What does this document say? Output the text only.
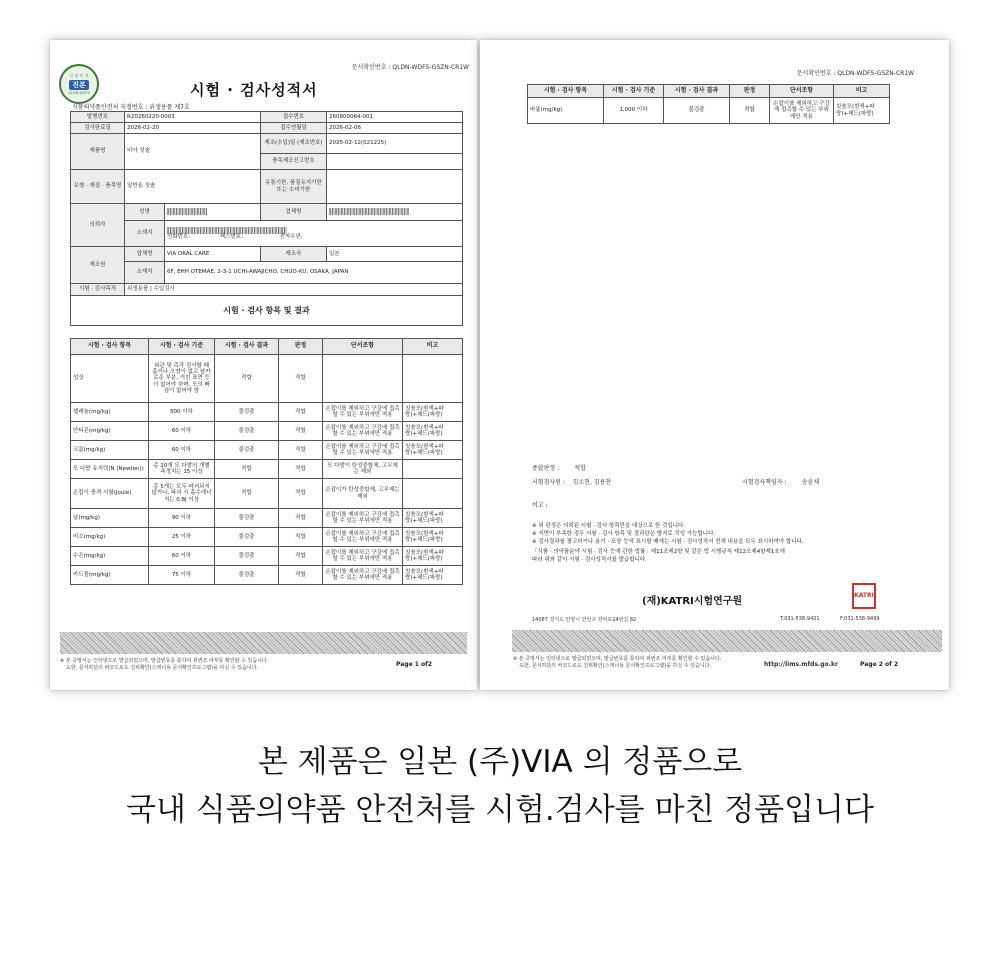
문서확인번호 : QLDN-WDF5-GSZN-CR1W
식 품 안 전
진본
QLDN-WDF5	시험 · 검사성적서
식품의약품안전처 지정번호 : 위생용품 제7호
발행번호	R20260220-0003		접수번호	260800064-001
검사완료일	2026-02-20		접수연월일	2026-02-06
제품명	비아 칫솔		제조(수입)일 (제조번호)	2025-02-12(021225)
			품목제조신고번호	
유형 · 재질 · 품목명	일반용 칫솔		유통기한, 품질유지기한 또는 소비기한	
의뢰자	성명		업체명	
	소재지	전화번호: 팩스번호: 전자우편:		
제조원	업체명	VIA ORAL CARE	제조국	일본
	소재지	6F, EHH OTEMAE, 2-3-1 UCHI-AWAJICHO, CHUO-KU, OSAKA, JAPAN		
시험 · 검사목적	위생용품 | 수입검사			
시험 · 검사 항목 및 결과				
시험 · 검사 항목	시험 · 검사 기준	시험 · 검사 결과	판정	단서조항	비고
성상	외관 및 촉각 검사할 때 흠이나 오염이 없고 날카로운 부분, 거친 표면 등이 없어야 하며, 모의 빠짐이 없어야 함	적합	적합		
셀레늄(mg/kg)	500 이하	불검출	적합	손잡이를 제외하고 구강에 접촉할 수 있는 부위에만 적용	칫솔모(흰색+파랑)+헤드(파랑)
안티몬(mg/kg)	60 이하	불검출	적합	손잡이를 제외하고 구강에 접촉할 수 있는 부위에만 적용	칫솔모(흰색+파랑)+헤드(파랑)
크롬(mg/kg)	60 이하	불검출	적합	손잡이를 제외하고 구강에 접촉할 수 있는 부위에만 적용	칫솔모(흰색+파랑)+헤드(파랑)
모 다발 유지력(N (Newton))	총 10개 모 다발의 개별 측정치는 15 이상	적합	적합	모 다발이 탄성중합체, 고무제는 제외	
손잡이 충격 시험(Joule)	총 5개는 모두 파괴되지 않거나, 파괴 시 흡수에너지는 0.8J 이상	적합	적합	손잡이가 탄성중합체, 고무제는 제외	
납(mg/kg)	90 이하	불검출	적합	손잡이를 제외하고 구강에 접촉할 수 있는 부위에만 적용	칫솔모(흰색+파랑)+헤드(파랑)
비소(mg/kg)	25 이하	불검출	적합	손잡이를 제외하고 구강에 접촉할 수 있는 부위에만 적용	칫솔모(흰색+파랑)+헤드(파랑)
수은(mg/kg)	60 이하	불검출	적합	손잡이를 제외하고 구강에 접촉할 수 있는 부위에만 적용	칫솔모(흰색+파랑)+헤드(파랑)
카드뮴(mg/kg)	75 이하	불검출	적합	손잡이를 제외하고 구강에 접촉할 수 있는 부위에만 적용	칫솔모(흰색+파랑)+헤드(파랑)
※ 본 증명서는 인터넷으로 발급되었으며, 발급번호를 통하여 위변조 여부를 확인할 수 있습니다.
도한, 문서하단의 바코드로도 진위확인(스캐너용 문서확인프로그램)을 하실 수 있습니다.	Page 1 of2
문서확인번호 : QLDN-WDF5-GSZN-CR1W
시험 · 검사 항목	시험 · 검사 기준	시험 · 검사 결과	판정	단서조항	비고
바륨(mg/kg)	1,000 이하	불검출	적합	손잡이를 제외하고 구강에 접촉할 수 있는 부위에만 적용	칫솔모(흰색+파랑)+헤드(파랑)
종합판정 :	적합
시험검사원 : 김소현, 김용찬	시험검사책임자 :	송윤채
비고 :
※ 위 판정은 의뢰된 시험 · 검사 항목만을 대상으로 한 것입니다.
※ 지면이 부족한 경우 시험 · 검사 항목 및 결과란은 별지로 작성 가능합니다.
※ 검사결과를 광고하거나 용기 · 포장 등에 표시할 때에는 시험 · 검사성적서 전체 내용을 모두 표시하여야 합니다.
「식품 · 의약품분야 시험 · 검사 등에 관한 법률」제11조제2항 및 같은 법 시행규칙 제12조제4항제1호에
따라 위와 같이 시험 · 검사성적서를 발급합니다.
(재)KATRI시험연구원
KATRI
14087 경기도 안양시 만안구 전파로24번길 82	T:031-538-9421	F:031-538-9499
※ 본 증명서는 인터넷으로 발급되었으며, 발급번호를 통하여 위변조 여부를 확인할 수 있습니다.
도한, 문서하단의 바코드로도 진위확인(스캐너용 문서확인프로그램)을 하실 수 있습니다.	http://lims.mfds.go.kr	Page 2 of 2
본 제품은 일본 (주)VIA 의 정품으로
국내 식품의약품 안전처를 시험.검사를 마친 정품입니다
